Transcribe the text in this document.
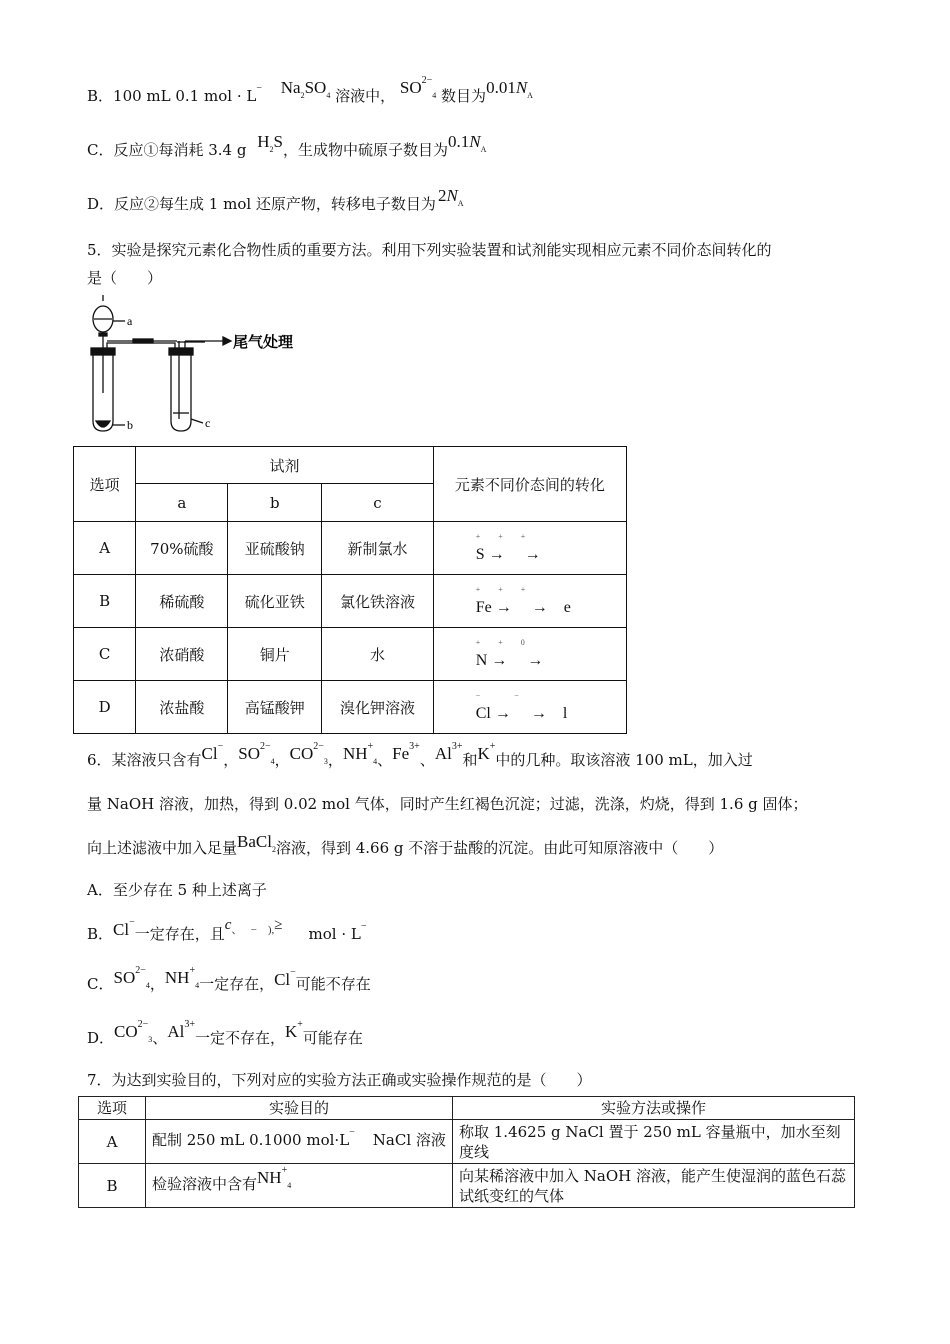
B．100 mL 0.1 mol · L− $Na_2SO_4$ 溶液中， $SO^{2-}_4$ 数目为$0.01N_A$
C．反应①每消耗 3.4 g $H_2S$，生成物中硫原子数目为$0.1N_A$
D．反应②每生成 1 mol 还原产物，转移电子数目为 $2N_A$
5．实验是探究元素化合物性质的重要方法。利用下列实验装置和试剂能实现相应元素不同价态间转化的
是（　　）
a
b	c
尾气处理
选项	试剂			元素不同价态间的转化
	a	b	c	
A	70%硫酸	亚硫酸钠	新制氯水	+　　 +　　 +
S →　 →

B	稀硫酸	硫化亚铁	氯化铁溶液	+　　 +　　 +
Fe →　 →　e

C	浓硝酸	铜片	水	+　　 +　　 0
N →　 →

D	浓盐酸	高锰酸钾	溴化钾溶液	−　　　　 −
Cl →　 →　l
6．某溶液只含有Cl−，$SO^{2-}_4$，$CO^{2-}_3$，$NH^+_4$、$Fe^{3+}$、$Al^{3+}$和K+中的几种。取该溶液 100 mL，加入过
量 NaOH 溶液，加热，得到 0.02 mol 气体，同时产生红褐色沉淀；过滤，洗涤，灼烧，得到 1.6 g 固体；
向上述滤液中加入足量BaCl$_2$溶液，得到 4.66 g 不溶于盐酸的沉淀。由此可知原溶液中（　　）
A．至少存在 5 种上述离子
B．Cl−一定存在，且c、　 −　),≥ mol · L−
C．$SO^{2-}_4$，$NH^+_4$一定存在，Cl−可能不存在
D．$CO^{2-}_3$、$Al^{3+}$一定不存在，K+可能存在
7．为达到实验目的，下列对应的实验方法正确或实验操作规范的是（　　）
选项	实验目的	实验方法或操作
A	配制 250 mL 0.1000 mol·L− NaCl 溶液	称取 1.4625 g NaCl 置于 250 mL 容量瓶中，加水至刻度线
B	检验溶液中含有$NH^+_4$	向某稀溶液中加入 NaOH 溶液，能产生使湿润的蓝色石蕊试纸变红的气体
